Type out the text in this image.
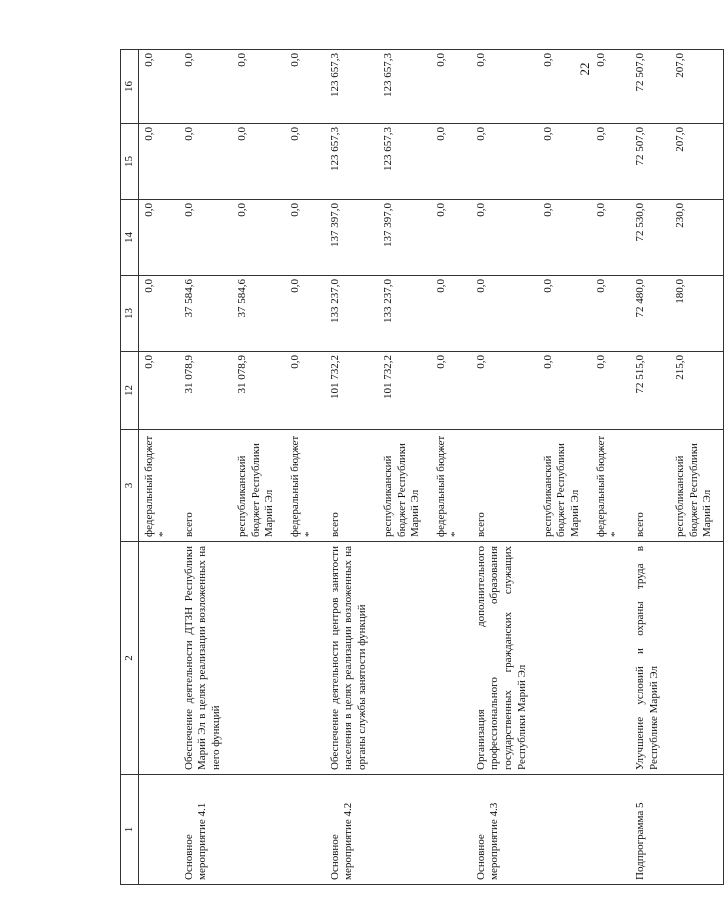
22
1	2	3	12	13	14	15	16
		федеральный бюджет *	0,0	0,0	0,0	0,0	0,0
Основное мероприятие 4.1	Обеспечение деятельности ДТЗН Республики Марий Эл в целях реализации возложенных на него функций	всего	31 078,9	37 584,6	0,0	0,0	0,0
		республиканский бюджет Республики Марий Эл	31 078,9	37 584,6	0,0	0,0	0,0
		федеральный бюджет *	0,0	0,0	0,0	0,0	0,0
Основное мероприятие 4.2	Обеспечение деятельности центров занятости населения в целях реализации возложенных на органы службы занятости функций	всего	101 732,2	133 237,0	137 397,0	123 657,3	123 657,3
		республиканский бюджет Республики Марий Эл	101 732,2	133 237,0	137 397,0	123 657,3	123 657,3
		федеральный бюджет *	0,0	0,0	0,0	0,0	0,0
Основное мероприятие 4.3	Организация дополнительного профессионального образования государственных гражданских служащих Республики Марий Эл	всего	0,0	0,0	0,0	0,0	0,0
		республиканский бюджет Республики Марий Эл	0,0	0,0	0,0	0,0	0,0
		федеральный бюджет *	0,0	0,0	0,0	0,0	0,0
Подпрограмма 5	Улучшение условий и охраны труда в Республике Марий Эл	всего	72 515,0	72 480,0	72 530,0	72 507,0	72 507,0
		республиканский бюджет Республики Марий Эл	215,0	180,0	230,0	207,0	207,0
